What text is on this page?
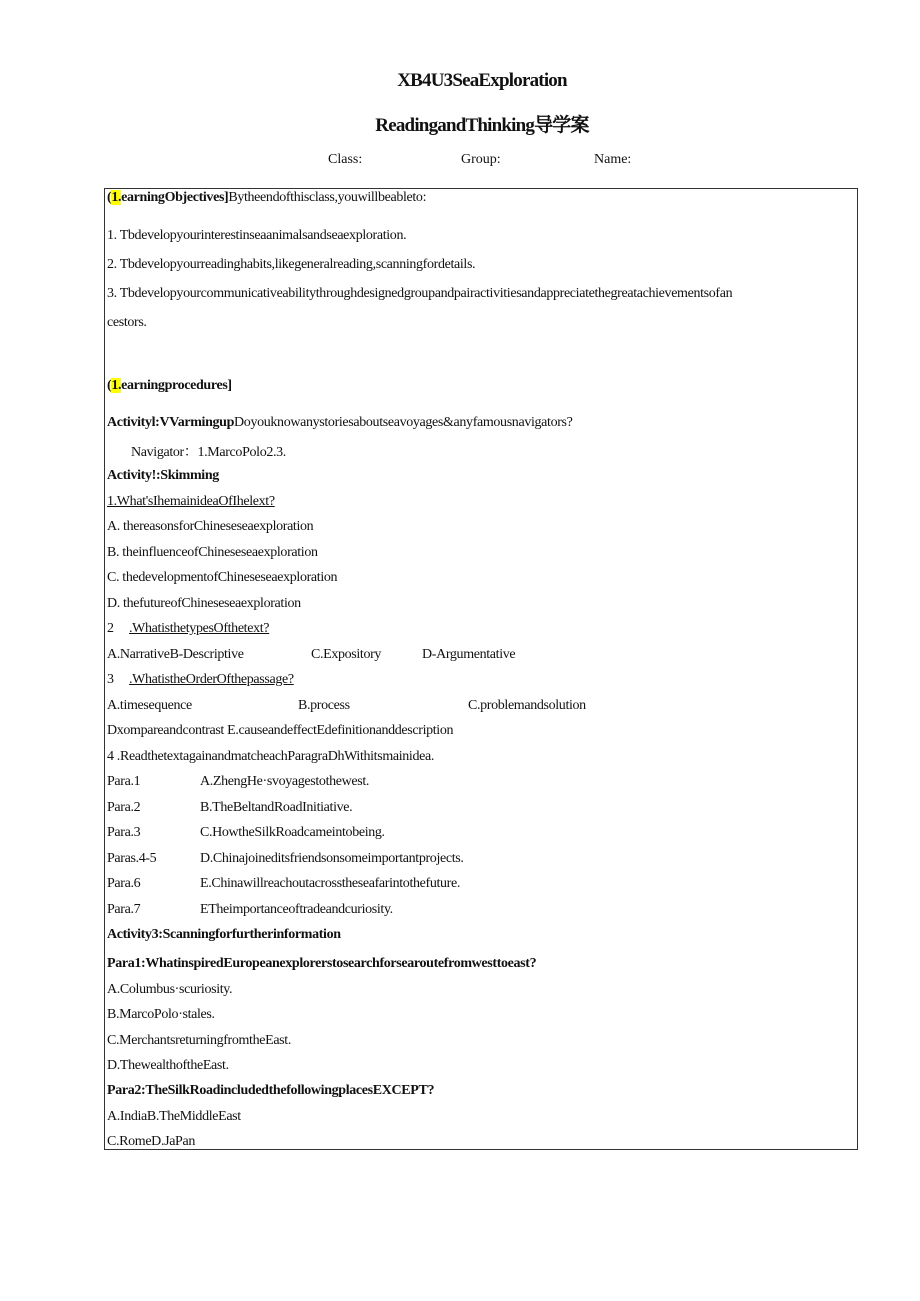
XB4U3SeaExploration
ReadingandThinking导学案
Class:	Group:	Name:
(1.earningObjectives]Bytheendofthisclass,youwillbeableto:
1. Tbdevelopyourinterestinseaanimalsandseaexploration.
2. Tbdevelopyourreadinghabits,likegeneralreading,scanningfordetails.
3. Tbdevelopyourcommunicativeabilitythroughdesignedgroupandpairactivitiesandappreciatethegreatachievementsofan
cestors.
(1.earningprocedures]
Activityl:VVarmingupDoyouknowanystoriesaboutseavoyages&anyfamousnavigators?
Navigator：1.MarcoPolo2.3.
Activity!:Skimming
1.What'sIhemainideaOfIhelext?
A. thereasonsforChineseseaexploration
B. theinfluenceofChineseseaexploration
C. thedevelopmentofChineseseaexploration
D. thefutureofChineseseaexploration
2 .WhatisthetypesOfthetext?
A.NarrativeB-Descriptive	C.Expository	D-Argumentative
3 .WhatistheOrderOfthepassage?
A.timesequence	B.process	C.problemandsolution
Dxompareandcontrast E.causeandeffectEdefinitionanddescription
4 .ReadthetextagainandmatcheachParagraDhWithitsmainidea.
Para.1	A.ZhengHe·svoyagestothewest.
Para.2	B.TheBeltandRoadInitiative.
Para.3	C.HowtheSilkRoadcameintobeing.
Paras.4-5	D.Chinajoineditsfriendsonsomeimportantprojects.
Para.6	E.Chinawillreachoutacrosstheseafarintothefuture.
Para.7	ETheimportanceoftradeandcuriosity.
Activity3:Scanningforfurtherinformation
Para1:WhatinspiredEuropeanexplorerstosearchforsearoutefromwesttoeast?
A.Columbus·scuriosity.
B.MarcoPolo·stales.
C.MerchantsreturningfromtheEast.
D.ThewealthoftheEast.
Para2:TheSilkRoadincludedthefollowingplacesEXCEPT?
A.IndiaB.TheMiddleEast
C.RomeD.JaPan
